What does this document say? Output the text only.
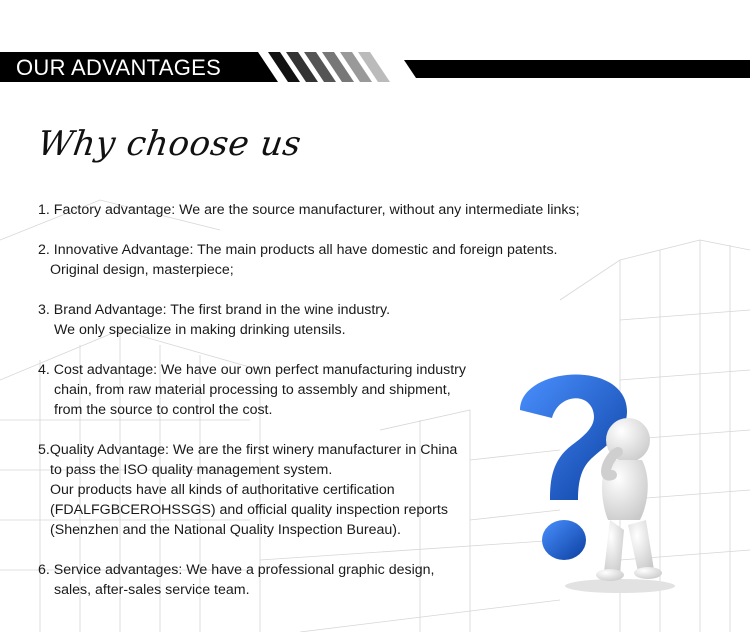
OUR ADVANTAGES
Why choose us
1. Factory advantage: We are the source manufacturer, without any intermediate links;
2. Innovative Advantage: The main products all have domestic and foreign patents.
Original design, masterpiece;
3. Brand Advantage: The first brand in the wine industry.
We only specialize in making drinking utensils.
4. Cost advantage: We have our own perfect manufacturing industry
chain, from raw material processing to assembly and shipment,
from the source to control the cost.
5.Quality Advantage: We are the first winery manufacturer in China
to pass the ISO quality management system.
Our products have all kinds of authoritative certification
(FDALFGBCEROHSSGS) and official quality inspection reports
(Shenzhen and the National Quality Inspection Bureau).
6. Service advantages: We have a professional graphic design,
sales, after-sales service team.
